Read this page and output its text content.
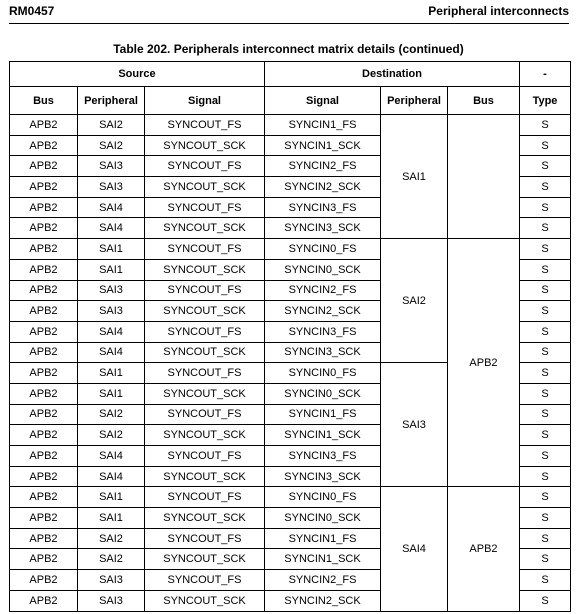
RM0457	Peripheral interconnects
Table 202. Peripherals interconnect matrix details (continued)
Source			Destination			-
Bus	Peripheral	Signal	Signal	Peripheral	Bus	Type
APB2	SAI2	SYNCOUT_FS	SYNCIN1_FS	SAI1		S
APB2	SAI2	SYNCOUT_SCK	SYNCIN1_SCK			S
APB2	SAI3	SYNCOUT_FS	SYNCIN2_FS			S
APB2	SAI3	SYNCOUT_SCK	SYNCIN2_SCK			S
APB2	SAI4	SYNCOUT_FS	SYNCIN3_FS			S
APB2	SAI4	SYNCOUT_SCK	SYNCIN3_SCK			S
APB2	SAI1	SYNCOUT_FS	SYNCIN0_FS	SAI2	APB2	S
APB2	SAI1	SYNCOUT_SCK	SYNCIN0_SCK			S
APB2	SAI3	SYNCOUT_FS	SYNCIN2_FS			S
APB2	SAI3	SYNCOUT_SCK	SYNCIN2_SCK			S
APB2	SAI4	SYNCOUT_FS	SYNCIN3_FS			S
APB2	SAI4	SYNCOUT_SCK	SYNCIN3_SCK			S
APB2	SAI1	SYNCOUT_FS	SYNCIN0_FS	SAI3		S
APB2	SAI1	SYNCOUT_SCK	SYNCIN0_SCK			S
APB2	SAI2	SYNCOUT_FS	SYNCIN1_FS			S
APB2	SAI2	SYNCOUT_SCK	SYNCIN1_SCK			S
APB2	SAI4	SYNCOUT_FS	SYNCIN3_FS			S
APB2	SAI4	SYNCOUT_SCK	SYNCIN3_SCK			S
APB2	SAI1	SYNCOUT_FS	SYNCIN0_FS	SAI4	APB2	S
APB2	SAI1	SYNCOUT_SCK	SYNCIN0_SCK			S
APB2	SAI2	SYNCOUT_FS	SYNCIN1_FS			S
APB2	SAI2	SYNCOUT_SCK	SYNCIN1_SCK			S
APB2	SAI3	SYNCOUT_FS	SYNCIN2_FS			S
APB2	SAI3	SYNCOUT_SCK	SYNCIN2_SCK			S
